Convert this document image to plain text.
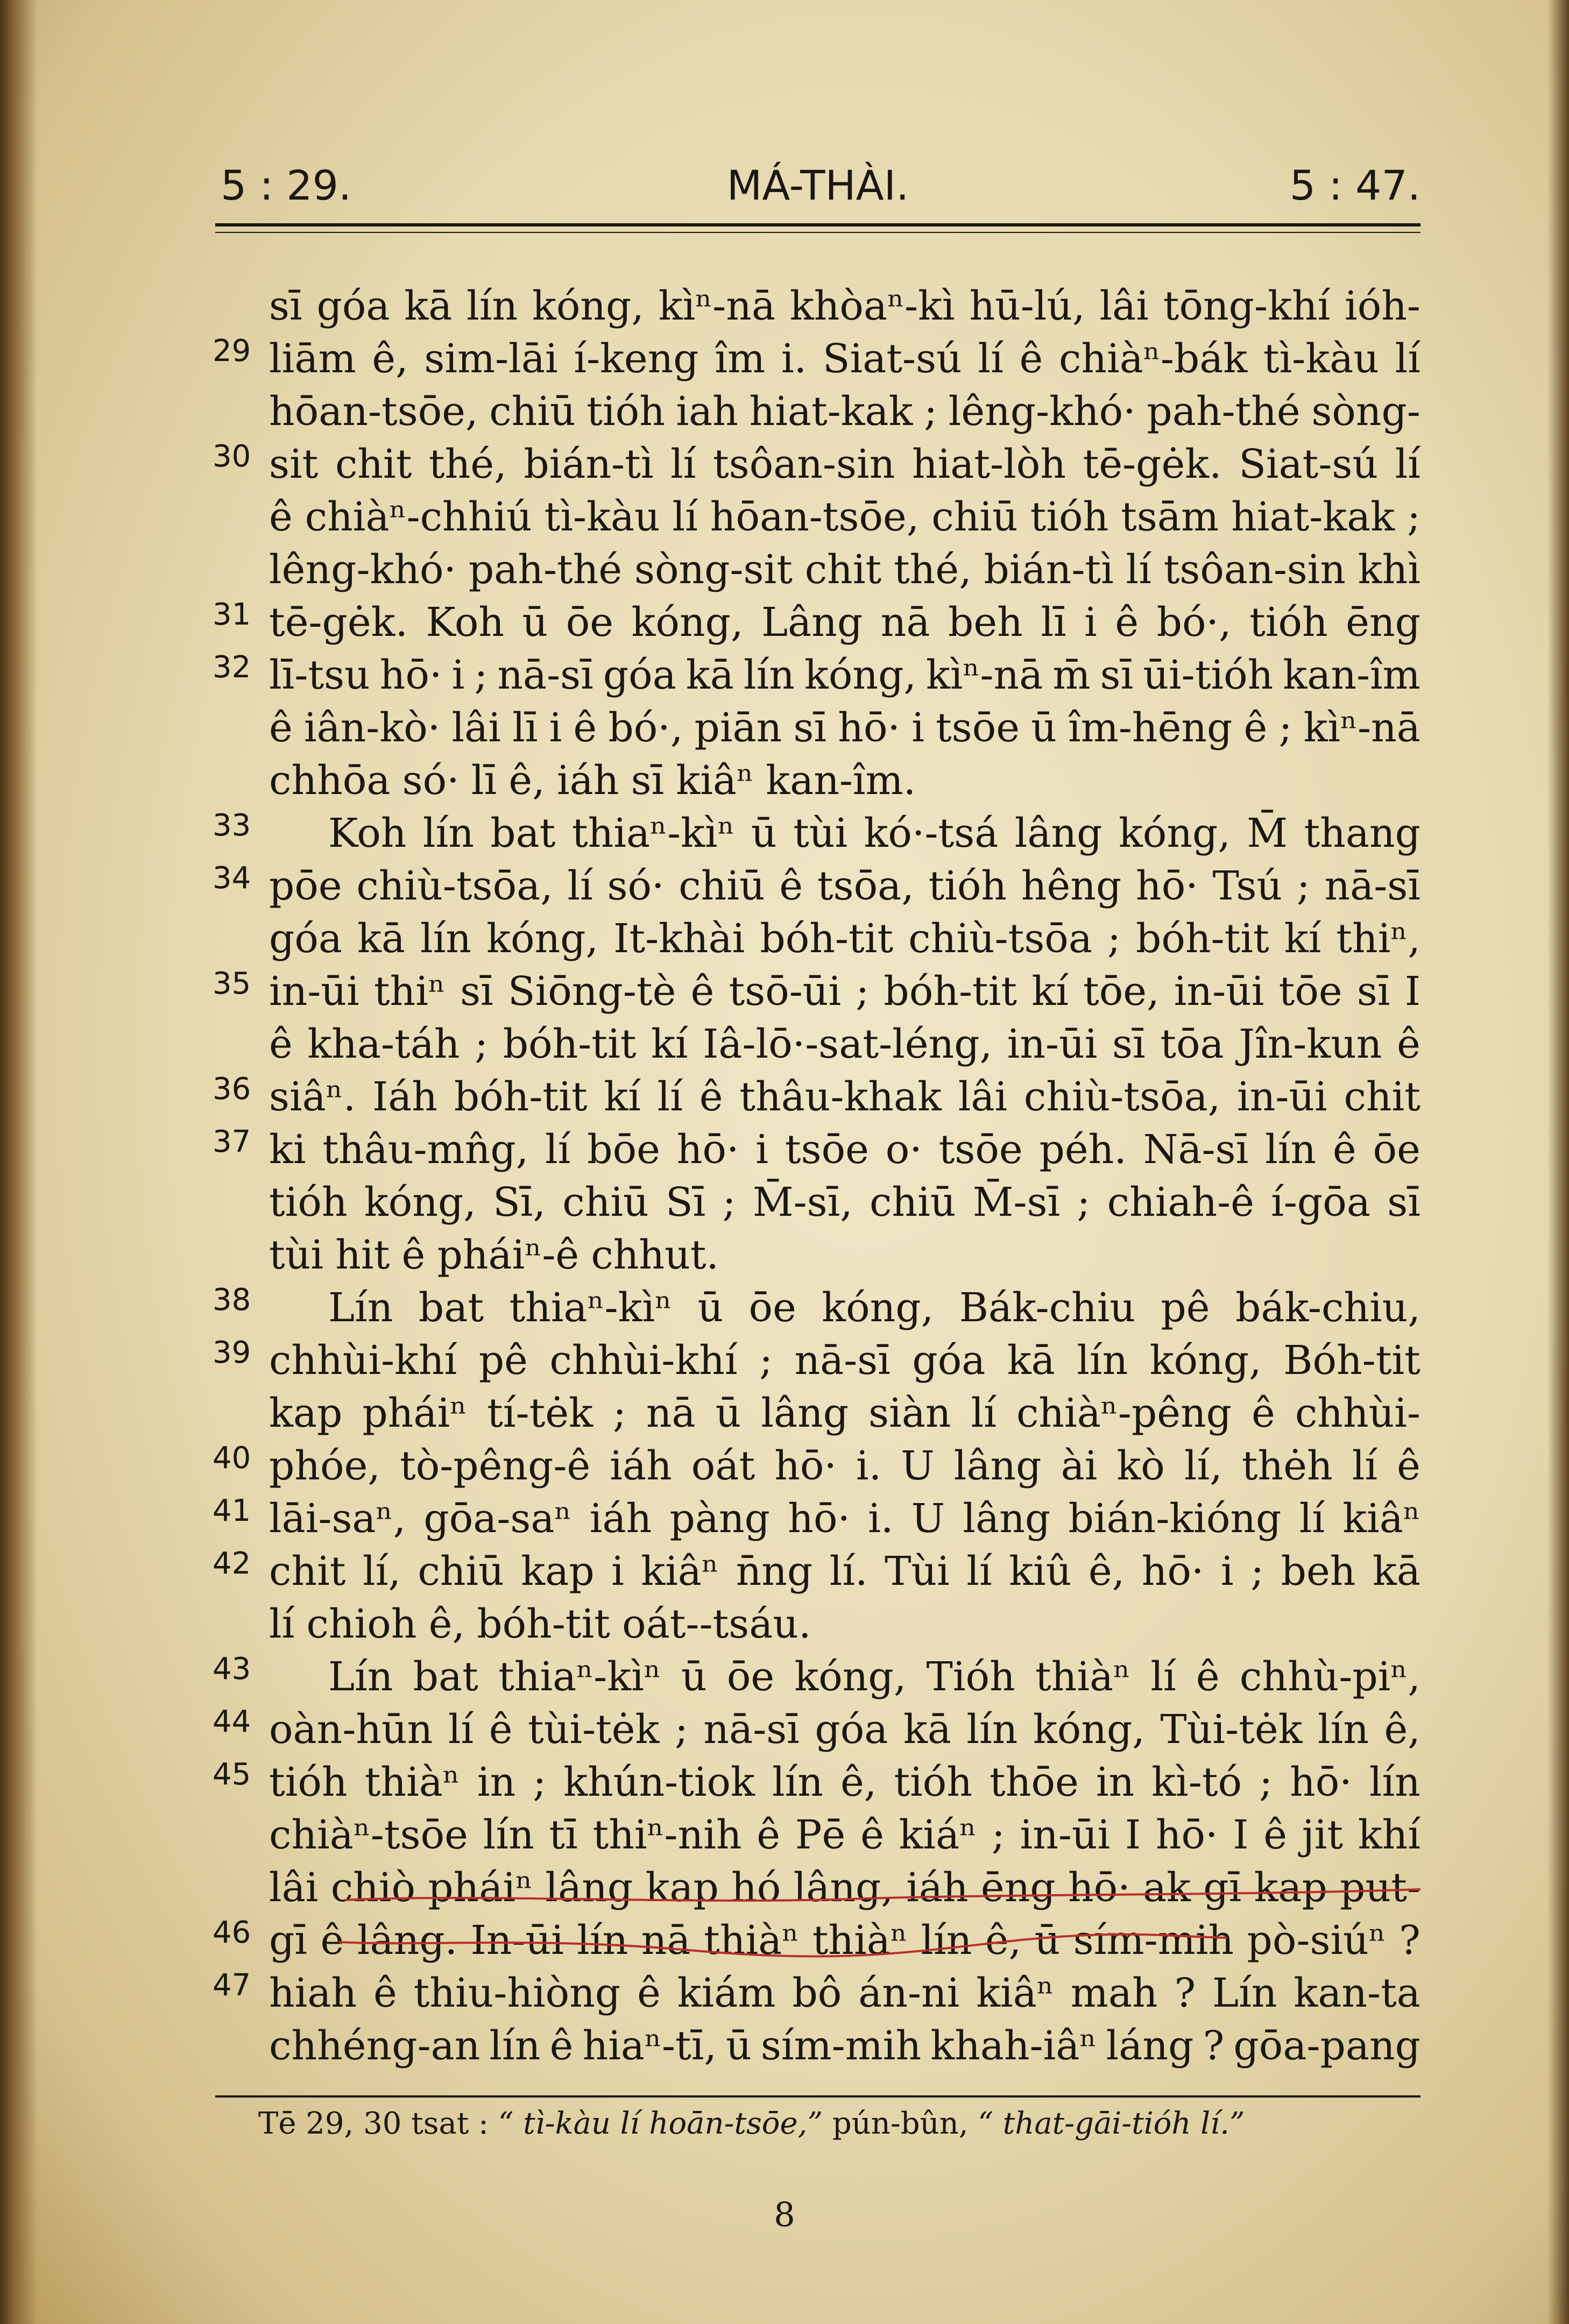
5 : 29.	MÁ-THÀI.	5 : 47.
sī góa kā lín kóng, kìⁿ-nā khòaⁿ-kì hū-lú, lâi tōng-khí ióh-
29 liām ê, sim-lāi í-keng îm i. Siat-sú lí ê chiàⁿ-bák tì-kàu lí
hōan-tsōe, chiū tióh iah hiat-kak ; lêng-khó· pah-thé sòng-
30 sit chit thé, bián-tì lí tsôan-sin hiat-lòh tē-gėk. Siat-sú lí
ê chiàⁿ-chhiú tì-kàu lí hōan-tsōe, chiū tióh tsām hiat-kak ;
lêng-khó· pah-thé sòng-sit chit thé, bián-tì lí tsôan-sin khì
31 tē-gėk. Koh ū ōe kóng, Lâng nā beh lī i ê bó·, tióh ēng
32 lī-tsu hō· i ; nā-sī góa kā lín kóng, kìⁿ-nā m̄ sī ūi-tióh kan-îm
ê iân-kò· lâi lī i ê bó·, piān sī hō· i tsōe ū îm-hēng ê ; kìⁿ-nā
chhōa só· lī ê, iáh sī kiâⁿ kan-îm.
33 Koh lín bat thiaⁿ-kìⁿ ū tùi kó·-tsá lâng kóng, M̄ thang
34 pōe chiù-tsōa, lí só· chiū ê tsōa, tióh hêng hō· Tsú ; nā-sī
góa kā lín kóng, It-khài bóh-tit chiù-tsōa ; bóh-tit kí thiⁿ,
35 in-ūi thiⁿ sī Siōng-tè ê tsō-ūi ; bóh-tit kí tōe, in-ūi tōe sī I
ê kha-táh ; bóh-tit kí Iâ-lō·-sat-léng, in-ūi sī tōa Jîn-kun ê
36 siâⁿ. Iáh bóh-tit kí lí ê thâu-khak lâi chiù-tsōa, in-ūi chit
37 ki thâu-mn̂g, lí bōe hō· i tsōe o· tsōe péh. Nā-sī lín ê ōe
tióh kóng, Sī, chiū Sī ; M̄-sī, chiū M̄-sī ; chiah-ê í-gōa sī
tùi hit ê pháiⁿ-ê chhut.
38 Lín bat thiaⁿ-kìⁿ ū ōe kóng, Bák-chiu pê bák-chiu,
39 chhùi-khí pê chhùi-khí ; nā-sī góa kā lín kóng, Bóh-tit
kap pháiⁿ tí-tėk ; nā ū lâng siàn lí chiàⁿ-pêng ê chhùi-
40 phóe, tò-pêng-ê iáh oát hō· i. U lâng ài kò lí, thėh lí ê
41 lāi-saⁿ, gōa-saⁿ iáh pàng hō· i. U lâng bián-kióng lí kiâⁿ
42 chit lí, chiū kap i kiâⁿ n̄ng lí. Tùi lí kiû ê, hō· i ; beh kā
lí chioh ê, bóh-tit oát--tsáu.
43 Lín bat thiaⁿ-kìⁿ ū ōe kóng, Tióh thiàⁿ lí ê chhù-piⁿ,
44 oàn-hūn lí ê tùi-tėk ; nā-sī góa kā lín kóng, Tùi-tėk lín ê,
45 tióh thiàⁿ in ; khún-tiok lín ê, tióh thōe in kì-tó ; hō· lín
chiàⁿ-tsōe lín tī thiⁿ-nih ê Pē ê kiáⁿ ; in-ūi I hō· I ê jit khí
lâi chiò pháiⁿ lâng kap hó lâng, iáh ēng hō· ak gī kap put-
46 gī ê lâng. In-ūi lín nā thiàⁿ thiàⁿ lín ê, ū sím-mih pò-siúⁿ ?
47 hiah ê thiu-hiòng ê kiám bô án-ni kiâⁿ mah ? Lín kan-ta
chhéng-an lín ê hiaⁿ-tī, ū sím-mih khah-iâⁿ láng ? gōa-pang
Tē 29, 30 tsat : “ tì-kàu lí hoān-tsōe,” pún-bûn, “ that-gāi-tióh lí.”
8
